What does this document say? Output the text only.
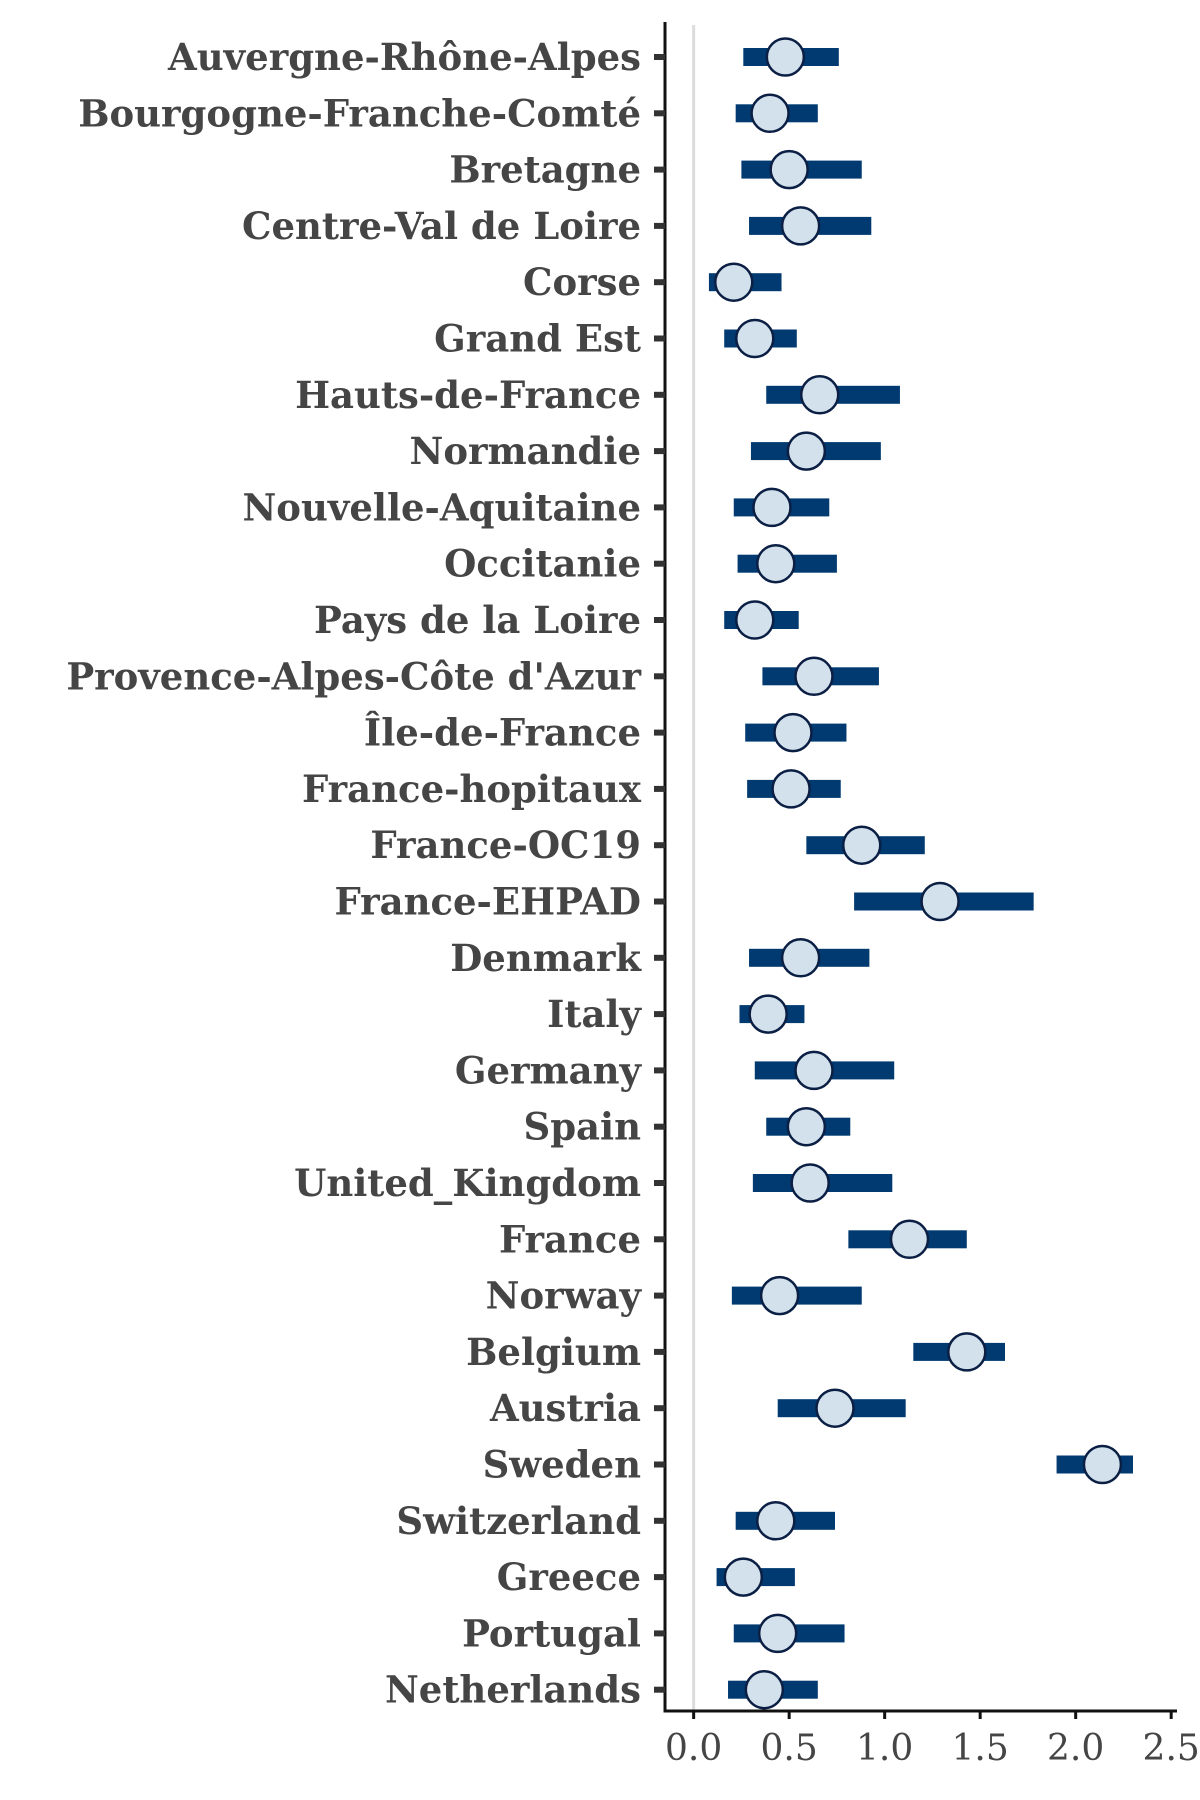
0.0 0.5 1.0 1.5 2.0 2.5
Auvergne-Rhône-Alpes
Bourgogne-Franche-Comté
Bretagne
Centre-Val de Loire
Corse
Grand Est
Hauts-de-France
Normandie
Nouvelle-Aquitaine
Occitanie
Pays de la Loire
Provence-Alpes-Côte d'Azur
Île-de-France
France-hopitaux
France-OC19
France-EHPAD
Denmark
Italy
Germany
Spain
United_Kingdom
France
Norway
Belgium
Austria
Sweden
Switzerland
Greece
Portugal
Netherlands
